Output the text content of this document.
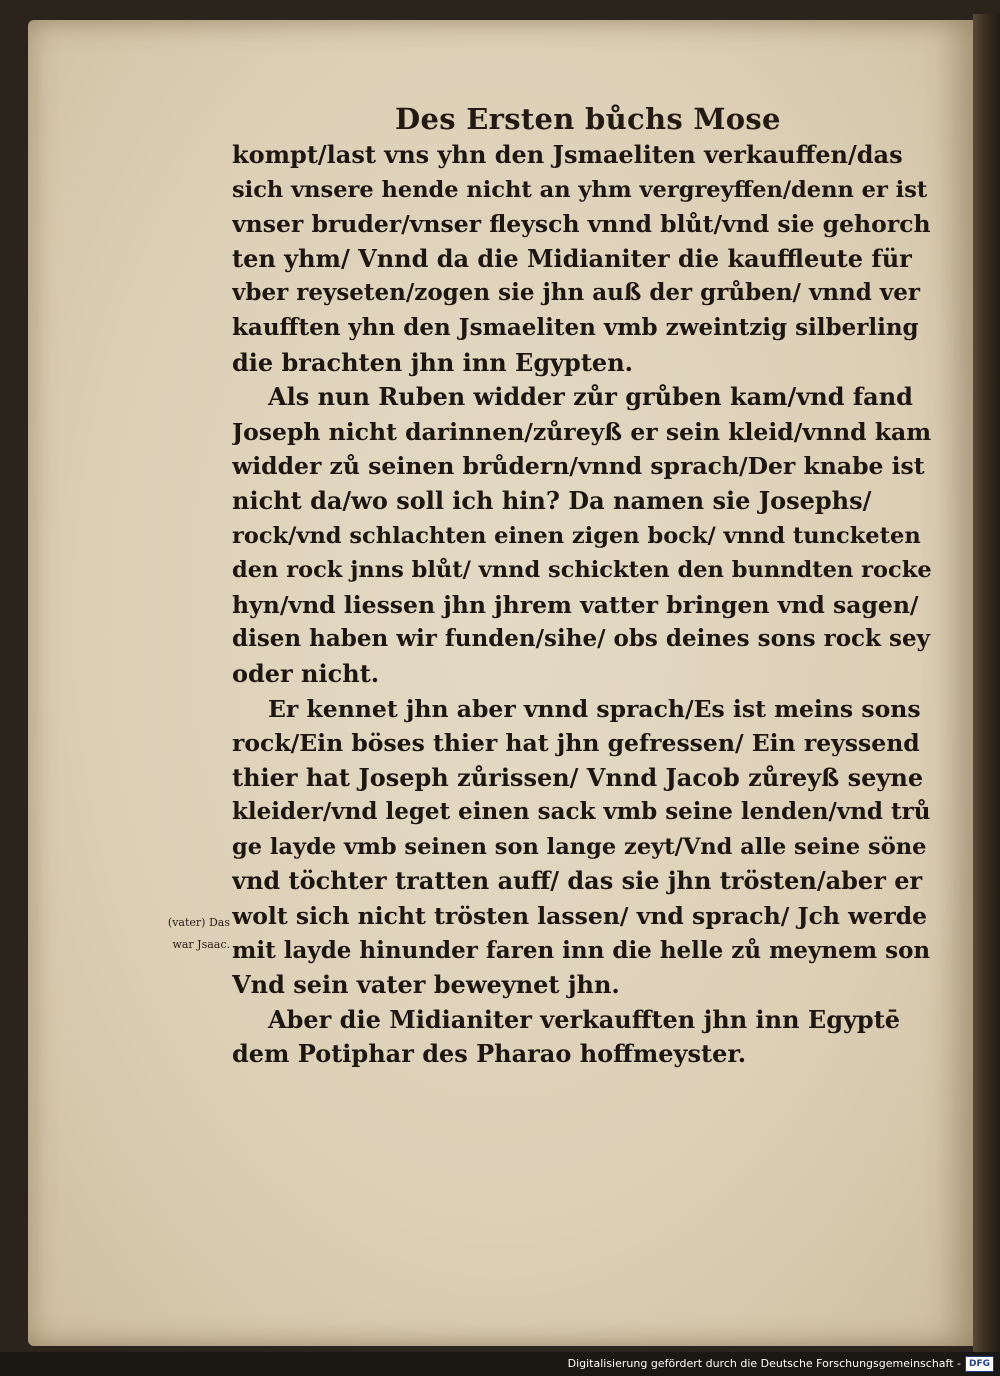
Des Ersten bůchs Mose
kompt/last vns yhn den Jsmaeliten verkauffen/das
sich vnsere hende nicht an yhm vergreyffen/denn er ist
vnser bruder/vnser fleysch vnnd blůt/vnd sie gehorch
ten yhm/ Vnnd da die Midianiter die kauffleute für
vber reyseten/zogen sie jhn auß der grůben/ vnnd ver
kaufften yhn den Jsmaeliten vmb zweintzig silberling
die brachten jhn inn Egypten.
Als nun Ruben widder zůr grůben kam/vnd fand
Joseph nicht darinnen/zůreyß er sein kleid/vnnd kam
widder zů seinen brůdern/vnnd sprach/Der knabe ist
nicht da/wo soll ich hin? Da namen sie Josephs/
rock/vnd schlachten einen zigen bock/ vnnd tuncketen
den rock jnns blůt/ vnnd schickten den bunndten rocke
hyn/vnd liessen jhn jhrem vatter bringen vnd sagen/
disen haben wir funden/sihe/ obs deines sons rock sey
oder nicht.
Er kennet jhn aber vnnd sprach/Es ist meins sons
rock/Ein böses thier hat jhn gefressen/ Ein reyssend
thier hat Joseph zůrissen/ Vnnd Jacob zůreyß seyne
kleider/vnd leget einen sack vmb seine lenden/vnd trů
ge layde vmb seinen son lange zeyt/Vnd alle seine söne
vnd töchter tratten auff/ das sie jhn trösten/aber er
wolt sich nicht trösten lassen/ vnd sprach/ Jch werde
mit layde hinunder faren inn die helle zů meynem son
Vnd sein vater beweynet jhn.
Aber die Midianiter verkaufften jhn inn Egyptē
dem Potiphar des Pharao hoffmeyster.
(vater) Das
war Jsaac.
Digitalisierung gefördert durch die Deutsche Forschungsgemeinschaft - DFG
